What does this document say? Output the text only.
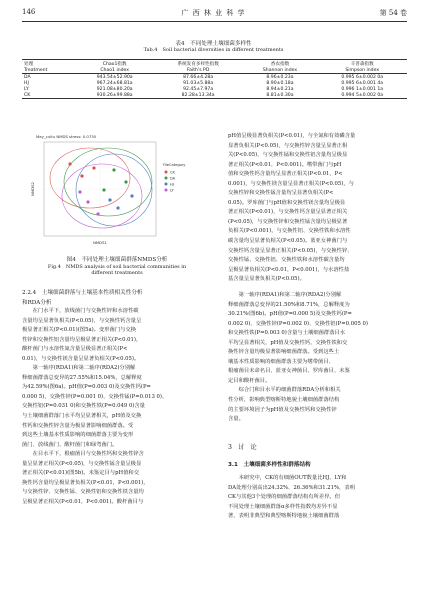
146	广 西 林 业 科 学	第 54 卷
表4　不同处理土壤细菌多样性
Tab.4　Soil bacterial diversities in different treatments
处理	Chao1指数	系统发育多样性指数	香农指数	辛普森指数
Treatment	Chao1 index	Faith's PD	Shannon index	Simpson index
DA	943.54±52.90a	87.66±4.28a	8.96±0.23a	0.995 6±0.002 0a
HJ	967.24±68.81a	91.03±5.88a	8.90±0.18a	0.995 6±0.001 4a
LY	921.08±80.20a	92.45±7.97a	8.94±0.21a	0.996 1±0.001 1a
CK	930.26±99.88a	82.28±13.34a	8.81±0.30a	0.994 5±0.002 0a
May_cultu NMDS stress: 0.0730
NMDS1
NMDS2
FileCategory
CK
DA
HJ
LY
图4　不同处理土壤细菌群落NMDS分析
Fig.4　NMDS analysis of soil bacterial communities in
different treatments
2.2.4　土壤细菌群落与土壤基本性质相关性分析
和RDA分析
　　在门水平下，放线菌门与交换性锌和水溶性碳
含量均呈显著负相关(P<0.05)，与交换性钙含量呈
极显著正相关(P<0.01)(图5a)。变形菌门与交换
性锌和交换性铝含量均呈极显著正相关(P<0.01)，
酸杆菌门与水溶性氮含量呈极显著正相关(P<
0.01)，与交换性镁含量呈显著负相关(P<0.05)。
　　第一轴序(RDA1)和第二轴序(RDA2)分别解
释细菌群落总变异的27.55%和15.04%，总解释度
为42.59%(图6a)。pH值(P=0.003 0)及交换性钙(P=
0.000 5)、交换性锌(P=0.001 0)、交换性锰(P=0.013 0)、
交换性铝(P=0.031 0)和交换性铁(P=0.049 0)含量
与土壤细菌群落门水平均呈显著相关，pH值及交换
性钙和交换性锌含量为极显著影响细菌群落。受
到这些土壤基本性质影响的细菌群落主要为变形
菌门、放线菌门、酸杆菌门和绿弯菌门。
　　在目水平下，根瘤菌目与交换性钙和交换性锌含
量呈显著正相关(P<0.05)，与交换性锰含量呈极显
著正相关(P<0.01)(图5b)。未鉴定目与pH值和交
换性钙含量均呈极显著负相关(P<0.01，P<0.001)，
与交换性锌、交换性锰、交换性铝和交换性铁含量均
呈极显著正相关(P<0.01，P<0.001)。酸杆菌目与
pH值呈极显著负相关(P<0.01)，与全氮和有效磷含量
显著负相关(P<0.05)，与交换性锌含量呈显著正相
关(P<0.05)，与交换性锰和交换性铝含量均呈极显
著正相关(P<0.01，P<0.001)。嗜带菌门与pH
值和交换性钙含量均呈显著正相关(P<0.01，P<
0.001)，与交换性镁含量呈显著正相关(P<0.05)，与
交换性锌和交换性锰含量均呈显著负相关(P<
0.05)。罗库菌门与pH值和交换性镁含量均呈极显
著正相关(P<0.01)，与交换性钙含量呈显著正相关
(P<0.05)，与交换性锌和交换性锰含量均呈极显著
负相关(P<0.001)，与交换性铝、交换性铁和水溶性
碳含量均呈显著负相关(P<0.05)。蓝亚女神菌门与
交换性钙含量呈显著正相关(P<0.05)，与交换性锌、
交换性锰、交换性铝、交换性铁和水溶性碳含量均
呈极显著负相关(P<0.01，P<0.001)，与水溶性盐
基含量呈显著负相关(P<0.05)。
　　第一轴序(RDA1)和第二轴序(RDA2)分别解
释细菌群落总变异的21.50%和8.71%，总解释度为
30.21%(图6b)。pH值(P=0.000 5)及交换性钙(P=
0.002 0)、交换性锌(P=0.002 0)、交换性铝(P=0.005 0)
和交换性铁(P=0.003 0)含量与土壤细菌群落目水
平均呈显著相关，pH值及交换性钙、交换性铁和交
换性锌含量均极显著影响细菌群落。受到这些土
壤基本性质影响的细菌群落主要为嗜带菌目、
根瘤菌目未命名目、蓝亚女神菌目、罗库菌目、未鉴
定目和酸杆菌目。
　　综合门和目水平的细菌群落RDA分析和相关
性分析，影响典型喀斯特地貌土壤细菌群落结构
的主要环境因子为pH值及交换性钙和交换性锌
含量。
3　讨　论
3.1　土壤细菌多样性和群落结构
　　本研究中，CK的有细菌OUT数量比HJ、LY和
DA处理分别高出24.32%、26.36%和31.21%，表明
CK与其他3个处理的细菌群落结构有所差异。但
不同处理土壤细菌群落α多样性指数均差异不显
著，表明非典型和典型喀斯特地貌土壤细菌群落
